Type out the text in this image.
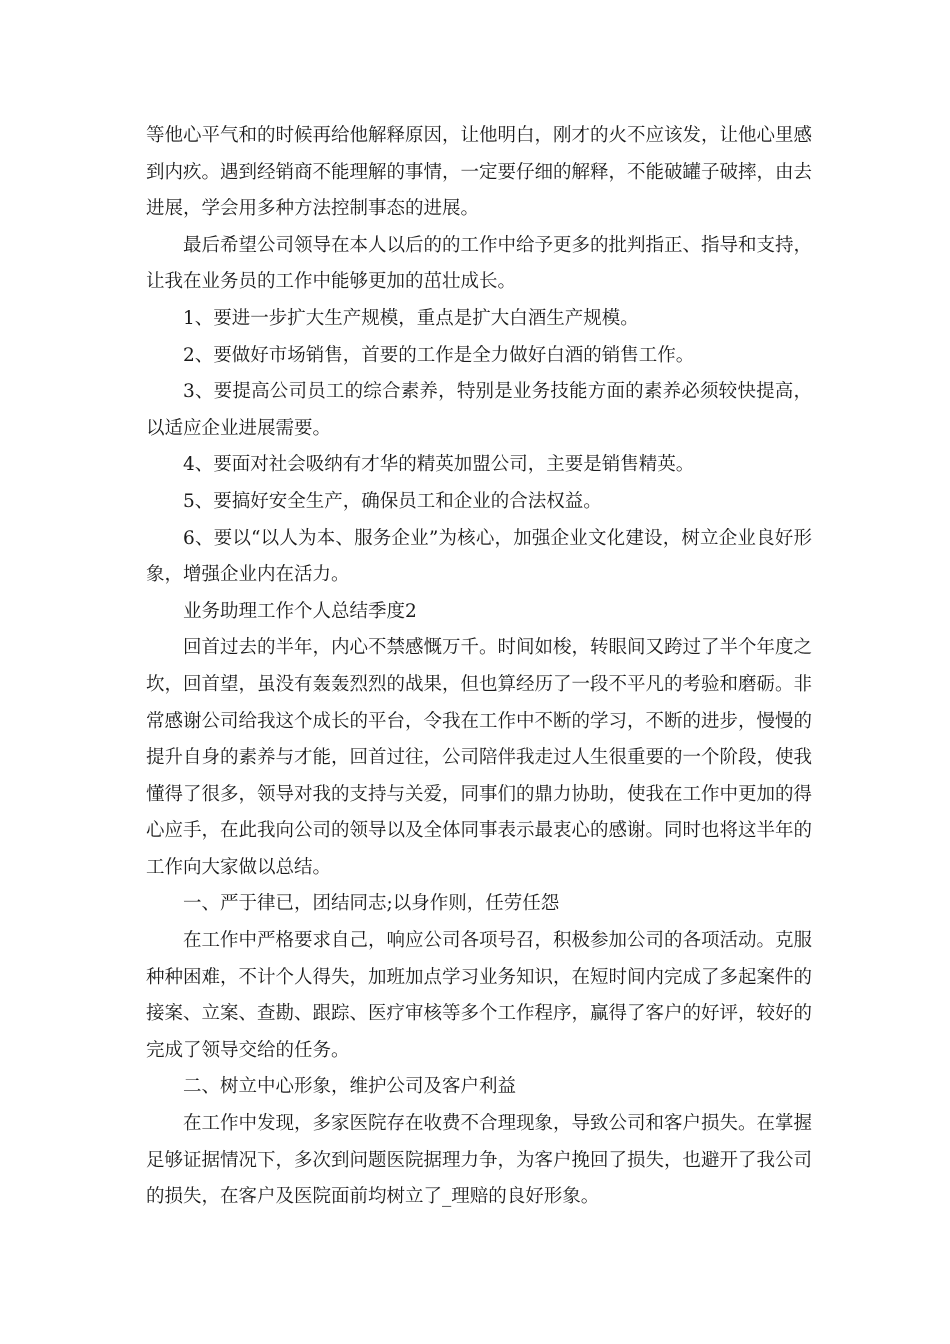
等他心平气和的时候再给他解释原因，让他明白，刚才的火不应该发，让他心里感到内疚。遇到经销商不能理解的事情，一定要仔细的解释，不能破罐子破摔，由去进展，学会用多种方法控制事态的进展。

最后希望公司领导在本人以后的的工作中给予更多的批判指正、指导和支持，让我在业务员的工作中能够更加的茁壮成长。

1、要进一步扩大生产规模，重点是扩大白酒生产规模。

2、要做好市场销售，首要的工作是全力做好白酒的销售工作。

3、要提高公司员工的综合素养，特别是业务技能方面的素养必须较快提高，以适应企业进展需要。

4、要面对社会吸纳有才华的精英加盟公司，主要是销售精英。

5、要搞好安全生产，确保员工和企业的合法权益。

6、要以“以人为本、服务企业”为核心，加强企业文化建设，树立企业良好形象，增强企业内在活力。

业务助理工作个人总结季度2

回首过去的半年，内心不禁感慨万千。时间如梭，转眼间又跨过了半个年度之坎，回首望，虽没有轰轰烈烈的战果，但也算经历了一段不平凡的考验和磨砺。非常感谢公司给我这个成长的平台，令我在工作中不断的学习，不断的进步，慢慢的提升自身的素养与才能，回首过往，公司陪伴我走过人生很重要的一个阶段，使我懂得了很多，领导对我的支持与关爱，同事们的鼎力协助，使我在工作中更加的得心应手，在此我向公司的领导以及全体同事表示最衷心的感谢。同时也将这半年的工作向大家做以总结。

一、严于律已，团结同志;以身作则，任劳任怨

在工作中严格要求自己，响应公司各项号召，积极参加公司的各项活动。克服种种困难，不计个人得失，加班加点学习业务知识，在短时间内完成了多起案件的接案、立案、查勘、跟踪、医疗审核等多个工作程序，赢得了客户的好评，较好的完成了领导交给的任务。

二、树立中心形象，维护公司及客户利益

在工作中发现，多家医院存在收费不合理现象，导致公司和客户损失。在掌握足够证据情况下，多次到问题医院据理力争，为客户挽回了损失，也避开了我公司的损失，在客户及医院面前均树立了_理赔的良好形象。
